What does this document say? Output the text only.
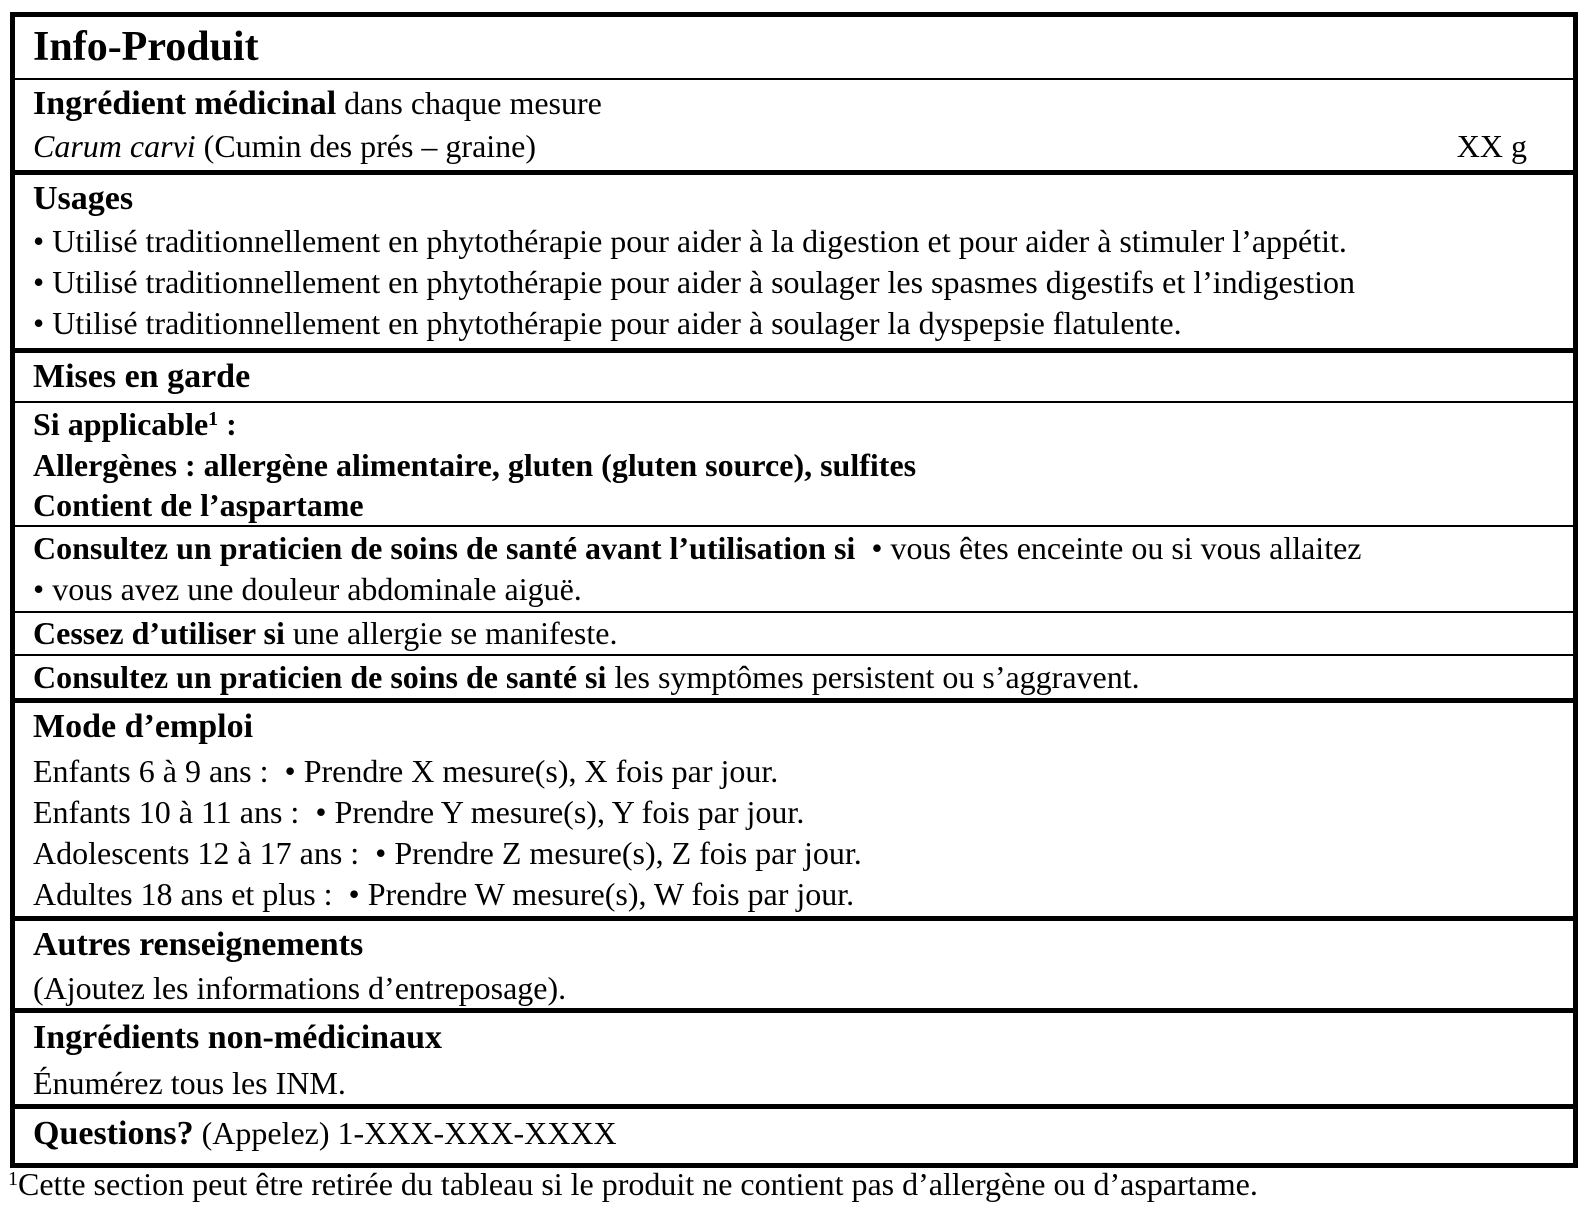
Info-Produit
Ingrédient médicinal dans chaque mesure
Carum carvi (Cumin des prés – graine)	XX g
Usages
• Utilisé traditionnellement en phytothérapie pour aider à la digestion et pour aider à stimuler l’appétit.
• Utilisé traditionnellement en phytothérapie pour aider à soulager les spasmes digestifs et l’indigestion
• Utilisé traditionnellement en phytothérapie pour aider à soulager la dyspepsie flatulente.
Mises en garde
Si applicable$^1$ :
Allergènes : allergène alimentaire, gluten (gluten source), sulfites
Contient de l’aspartame
Consultez un praticien de soins de santé avant l’utilisation si  • vous êtes enceinte ou si vous allaitez
• vous avez une douleur abdominale aiguë.
Cessez d’utiliser si une allergie se manifeste.
Consultez un praticien de soins de santé si les symptômes persistent ou s’aggravent.
Mode d’emploi
Enfants 6 à 9 ans :  • Prendre X mesure(s), X fois par jour.
Enfants 10 à 11 ans :  • Prendre Y mesure(s), Y fois par jour.
Adolescents 12 à 17 ans :  • Prendre Z mesure(s), Z fois par jour.
Adultes 18 ans et plus :  • Prendre W mesure(s), W fois par jour.
Autres renseignements
(Ajoutez les informations d’entreposage).
Ingrédients non-médicinaux
Énumérez tous les INM.
Questions? (Appelez) 1-XXX-XXX-XXXX
$^1$Cette section peut être retirée du tableau si le produit ne contient pas d’allergène ou d’aspartame.
